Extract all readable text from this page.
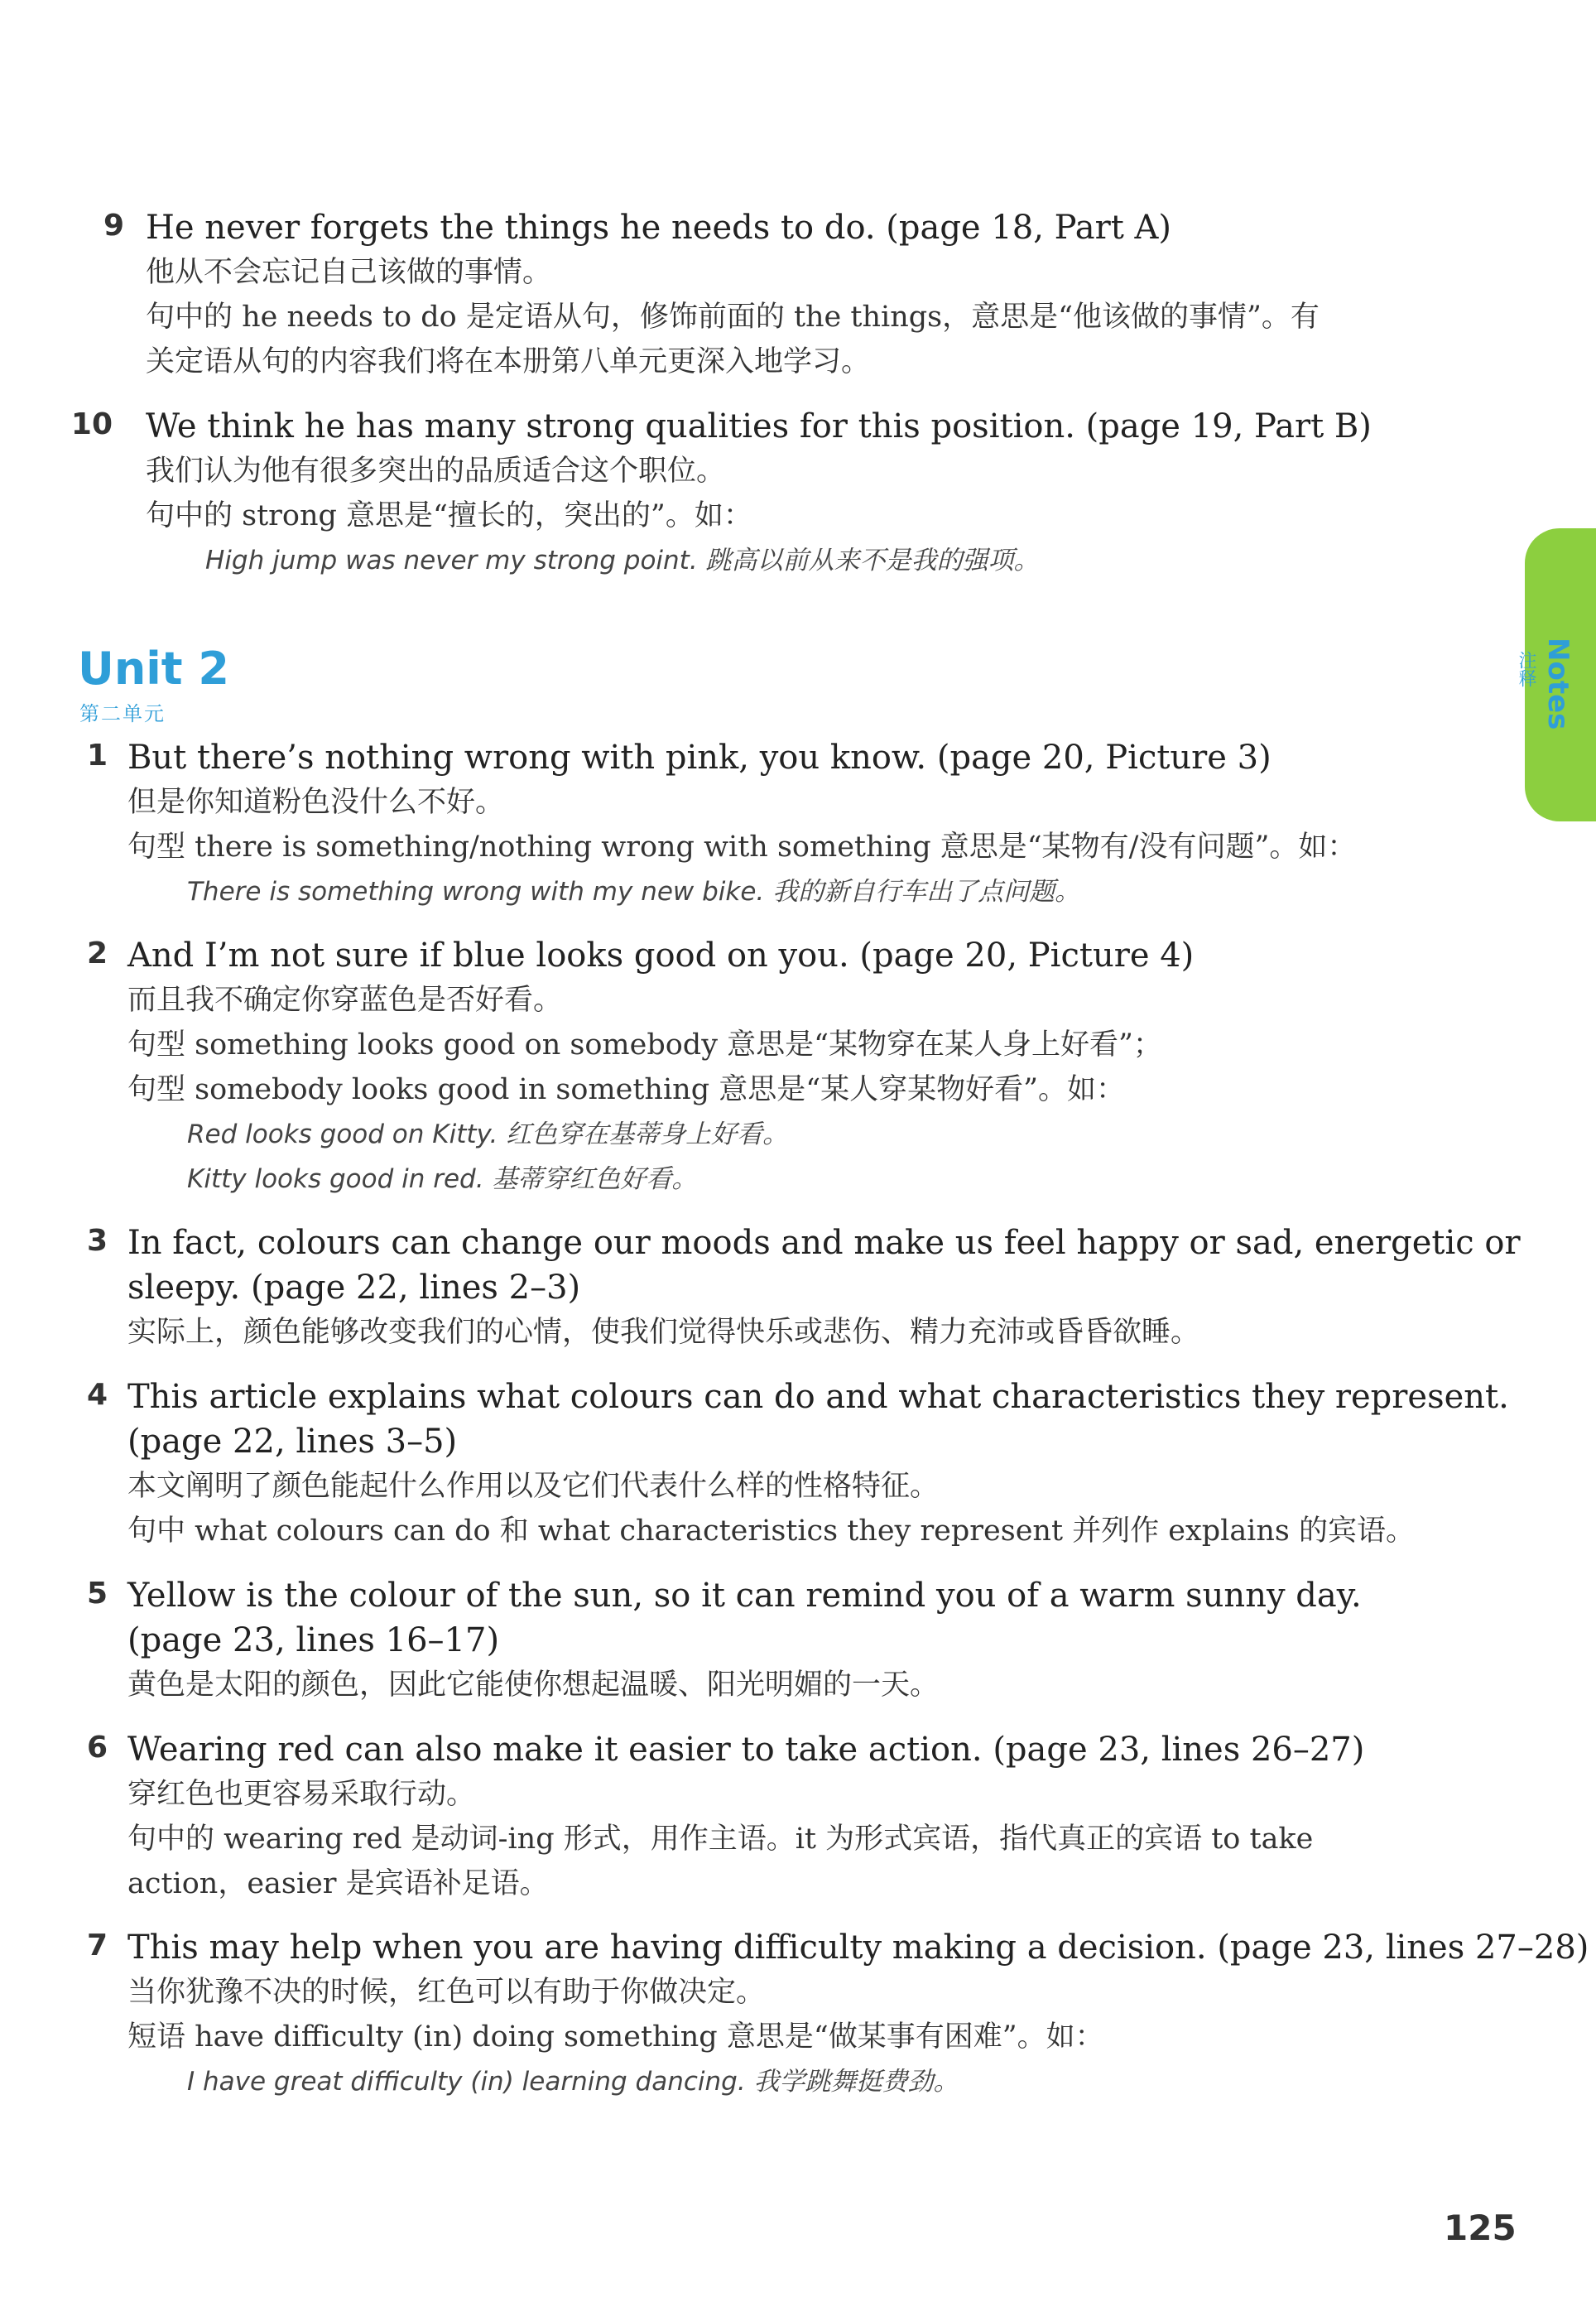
9 He never forgets the things he needs to do. (page 18, Part A)
他从不会忘记自己该做的事情。
句中的 he needs to do 是定语从句，修饰前面的 the things，意思是“他该做的事情”。有
关定语从句的内容我们将在本册第八单元更深入地学习。
10 We think he has many strong qualities for this position. (page 19, Part B)
我们认为他有很多突出的品质适合这个职位。
句中的 strong 意思是“擅长的，突出的”。如：
High jump was never my strong point. 跳高以前从来不是我的强项。
Unit 2
第二单元
1 But there’s nothing wrong with pink, you know. (page 20, Picture 3)
但是你知道粉色没什么不好。
句型 there is something/nothing wrong with something 意思是“某物有/没有问题”。如：
There is something wrong with my new bike. 我的新自行车出了点问题。
2 And I’m not sure if blue looks good on you. (page 20, Picture 4)
而且我不确定你穿蓝色是否好看。
句型 something looks good on somebody 意思是“某物穿在某人身上好看”；
句型 somebody looks good in something 意思是“某人穿某物好看”。如：
Red looks good on Kitty. 红色穿在基蒂身上好看。
Kitty looks good in red. 基蒂穿红色好看。
3 In fact, colours can change our moods and make us feel happy or sad, energetic or
sleepy. (page 22, lines 2–3)
实际上，颜色能够改变我们的心情，使我们觉得快乐或悲伤、精力充沛或昏昏欲睡。
4 This article explains what colours can do and what characteristics they represent.
(page 22, lines 3–5)
本文阐明了颜色能起什么作用以及它们代表什么样的性格特征。
句中 what colours can do 和 what characteristics they represent 并列作 explains 的宾语。
5 Yellow is the colour of the sun, so it can remind you of a warm sunny day.
(page 23, lines 16–17)
黄色是太阳的颜色，因此它能使你想起温暖、阳光明媚的一天。
6 Wearing red can also make it easier to take action. (page 23, lines 26–27)
穿红色也更容易采取行动。
句中的 wearing red 是动词-ing 形式，用作主语。it 为形式宾语，指代真正的宾语 to take
action，easier 是宾语补足语。
7 This may help when you are having difficulty making a decision. (page 23, lines 27–28)
当你犹豫不决的时候，红色可以有助于你做决定。
短语 have difficulty (in) doing something 意思是“做某事有困难”。如：
I have great difficulty (in) learning dancing. 我学跳舞挺费劲。
Notes
注释
125
